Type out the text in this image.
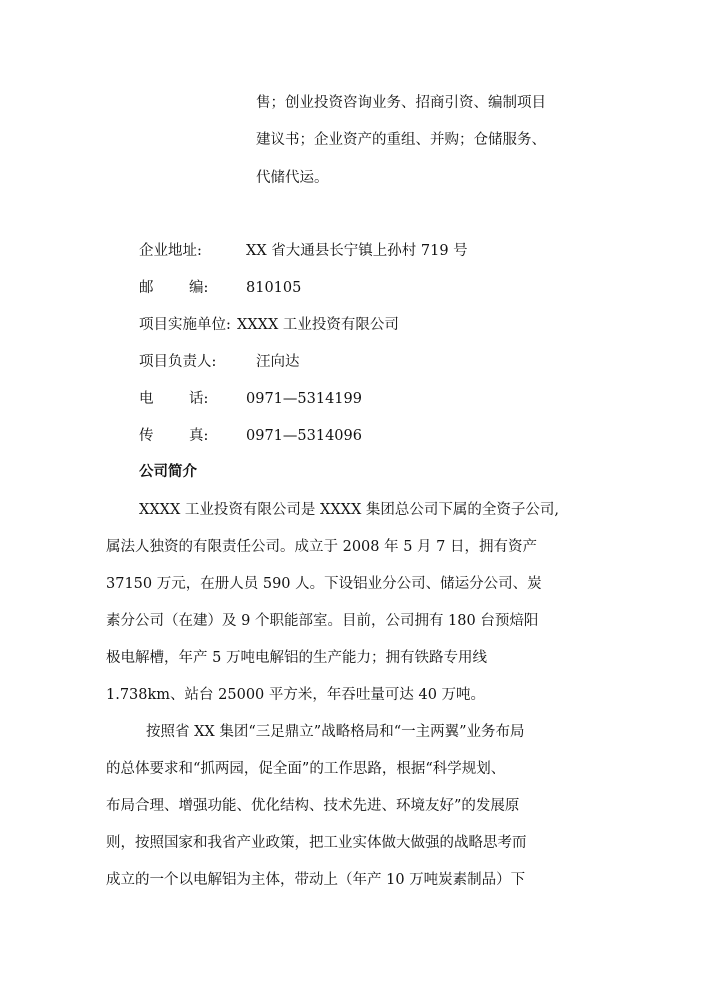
售；创业投资咨询业务、招商引资、编制项目
建议书；企业资产的重组、并购；仓储服务、
代储代运。
企业地址:	XX 省大通县长宁镇上孙村 719 号
邮 编:	810105
项目实施单位: XXXX 工业投资有限公司
项目负责人:	汪向达
电 话:	0971—5314199
传 真:	0971—5314096
公司简介
XXXX 工业投资有限公司是 XXXX 集团总公司下属的全资子公司,
属法人独资的有限责任公司。成立于 2008 年 5 月 7 日，拥有资产
37150 万元，在册人员 590 人。下设铝业分公司、储运分公司、炭
素分公司（在建）及 9 个职能部室。目前，公司拥有 180 台预焙阳
极电解槽，年产 5 万吨电解铝的生产能力；拥有铁路专用线
1.738km、站台 25000 平方米，年吞吐量可达 40 万吨。
按照省 XX 集团“三足鼎立”战略格局和“一主两翼”业务布局
的总体要求和“抓两园，促全面”的工作思路，根据“科学规划、
布局合理、增强功能、优化结构、技术先进、环境友好”的发展原
则，按照国家和我省产业政策，把工业实体做大做强的战略思考而
成立的一个以电解铝为主体，带动上（年产 10 万吨炭素制品）下
